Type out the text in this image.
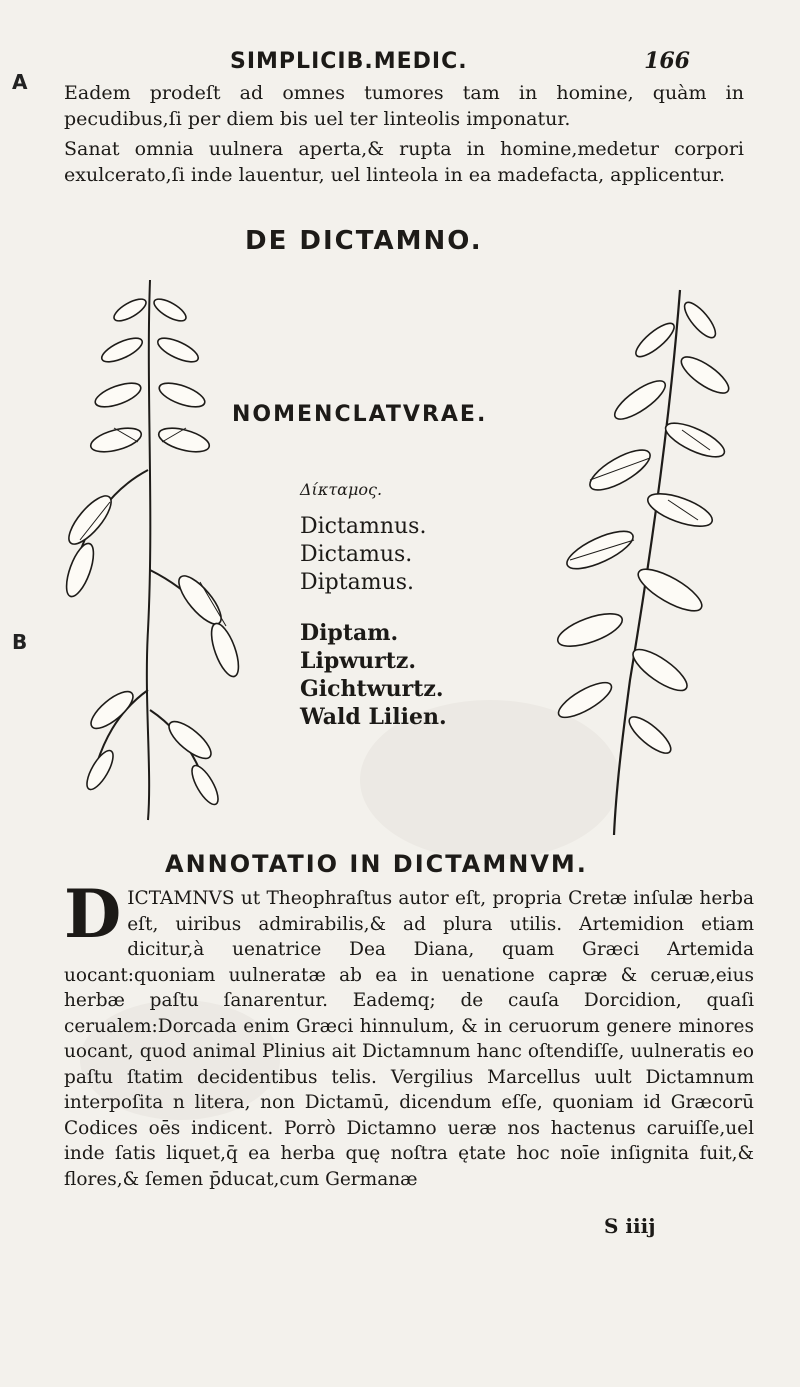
A
B
SIMPLICIB.MEDIC.	166

Eadem prodeſt ad omnes tumores tam in homine, quàm in pecudibus,ſi per diem bis uel ter linteolis imponatur.

Sanat omnia uulnera aperta,& rupta in homine,medetur corpori exulcerato,ſi inde lauentur, uel linteola in ea madefacta, applicentur.

DE DICTAMNO.
NOMENCLATVRAE.

Δίκταμος.

Dictamnus.

Dictamus.

Diptamus.

Diptam.

Lipwurtz.

Gichtwurtz.

Wald Lilien.

ANNOTATIO IN DICTAMNVM.

D ICTAMNVS ut Theophraſtus autor eſt, propria Cretæ inſulæ herba eſt, uiribus admirabilis,& ad plura utilis. Artemidion etiam dicitur,à uenatrice Dea Diana, quam Græci Artemida uocant:quoniam uulneratæ ab ea in uenatione capræ & ceruæ,eius herbæ paſtu ſanarentur. Eademq; de cauſa Dorcidion, quaſi cerualem:Dorcada enim Græci hinnulum, & in ceruorum genere minores uocant, quod animal Plinius ait Dictamnum hanc oſtendiſſe, uulneratis eo paſtu ſtatim decidentibus telis. Vergilius Marcellus uult Dictamnum interpoſita n litera, non Dictamū, dicendum eſſe, quoniam id Græcorū Codices oēs indicent. Porrò Dictamno ueræ nos hactenus caruiſſe,uel inde ſatis liquet,q̄ ea herba quę noſtra ętate hoc noīe inſignita fuit,& flores,& ſemen p̄ducat,cum Germanæ

S iiij
